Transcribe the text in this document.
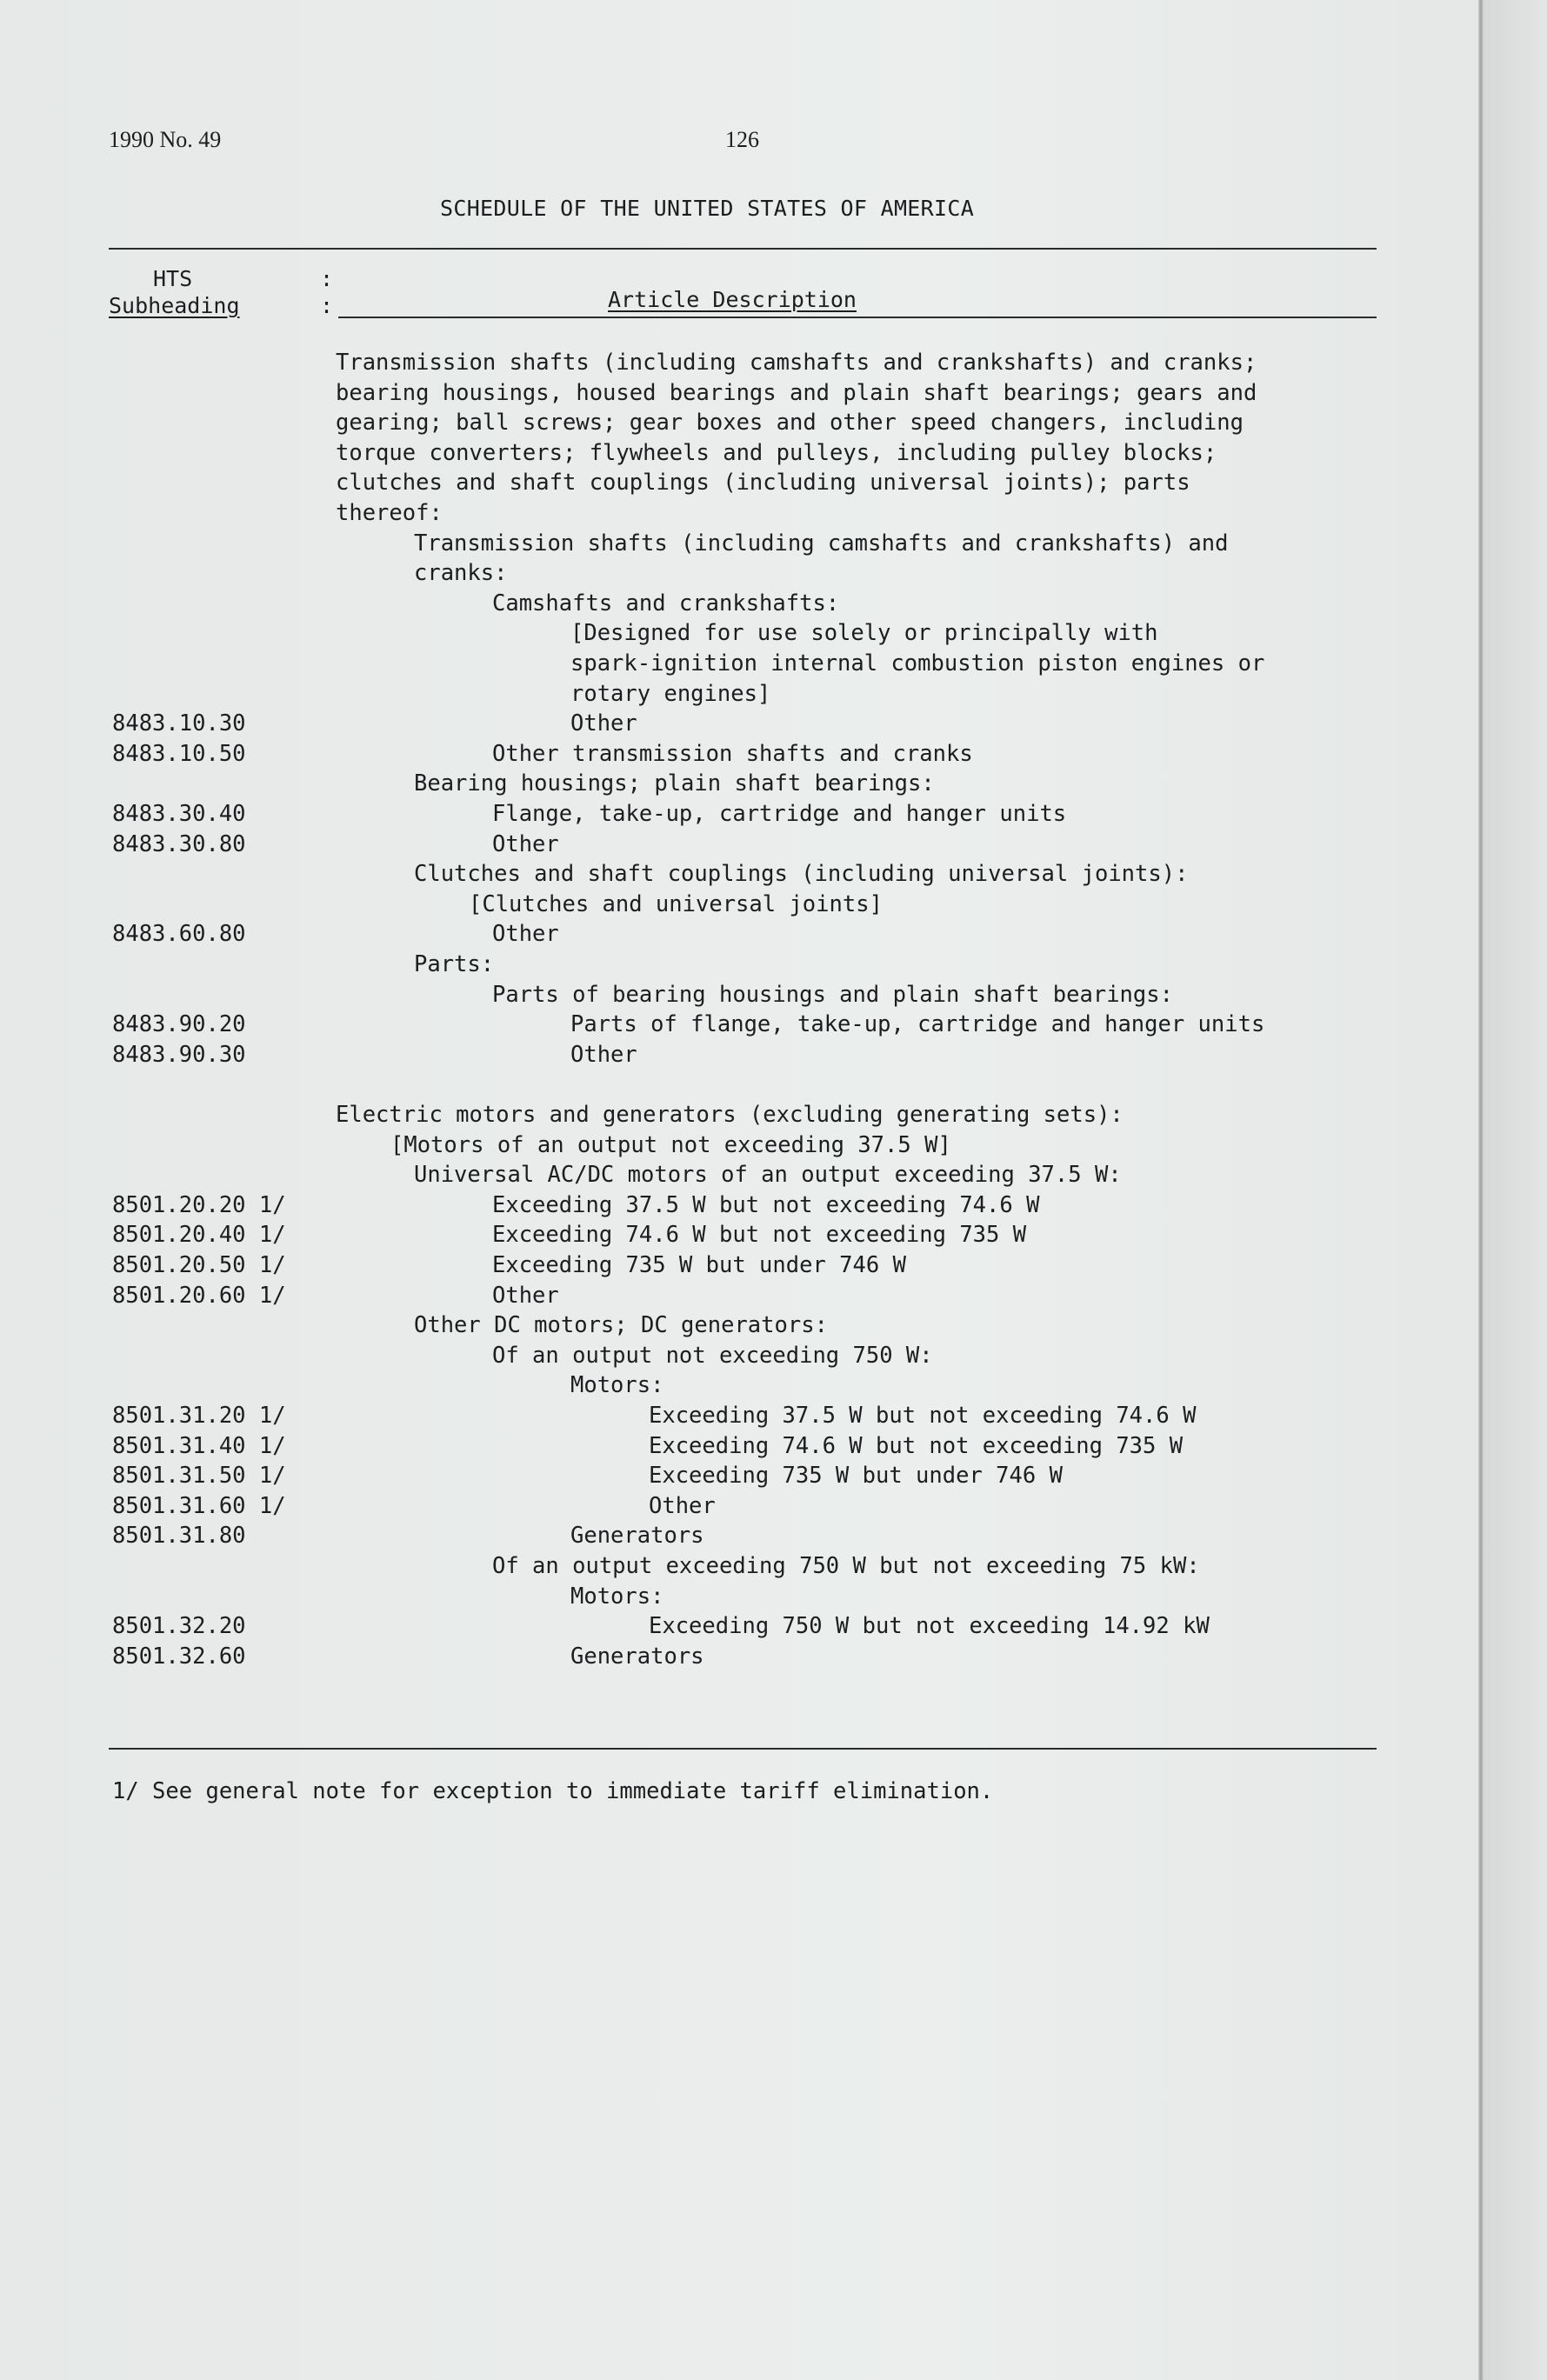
1990 No. 49	126
SCHEDULE OF THE UNITED STATES OF AMERICA
HTS
Subheading
:
:	Article Description
Transmission shafts (including camshafts and crankshafts) and cranks;
bearing housings, housed bearings and plain shaft bearings; gears and
gearing; ball screws; gear boxes and other speed changers, including
torque converters; flywheels and pulleys, including pulley blocks;
clutches and shaft couplings (including universal joints); parts
thereof:
Transmission shafts (including camshafts and crankshafts) and
cranks:
Camshafts and crankshafts:
[Designed for use solely or principally with
spark-ignition internal combustion piston engines or
rotary engines]
8483.10.30	Other
8483.10.50	Other transmission shafts and cranks
Bearing housings; plain shaft bearings:
8483.30.40	Flange, take-up, cartridge and hanger units
8483.30.80	Other
Clutches and shaft couplings (including universal joints):
[Clutches and universal joints]
8483.60.80	Other
Parts:
Parts of bearing housings and plain shaft bearings:
8483.90.20	Parts of flange, take-up, cartridge and hanger units
8483.90.30	Other
Electric motors and generators (excluding generating sets):
[Motors of an output not exceeding 37.5 W]
Universal AC/DC motors of an output exceeding 37.5 W:
8501.20.20 1/	Exceeding 37.5 W but not exceeding 74.6 W
8501.20.40 1/	Exceeding 74.6 W but not exceeding 735 W
8501.20.50 1/	Exceeding 735 W but under 746 W
8501.20.60 1/	Other
Other DC motors; DC generators:
Of an output not exceeding 750 W:
Motors:
8501.31.20 1/	Exceeding 37.5 W but not exceeding 74.6 W
8501.31.40 1/	Exceeding 74.6 W but not exceeding 735 W
8501.31.50 1/	Exceeding 735 W but under 746 W
8501.31.60 1/	Other
8501.31.80	Generators
Of an output exceeding 750 W but not exceeding 75 kW:
Motors:
8501.32.20	Exceeding 750 W but not exceeding 14.92 kW
8501.32.60	Generators
1/ See general note for exception to immediate tariff elimination.
